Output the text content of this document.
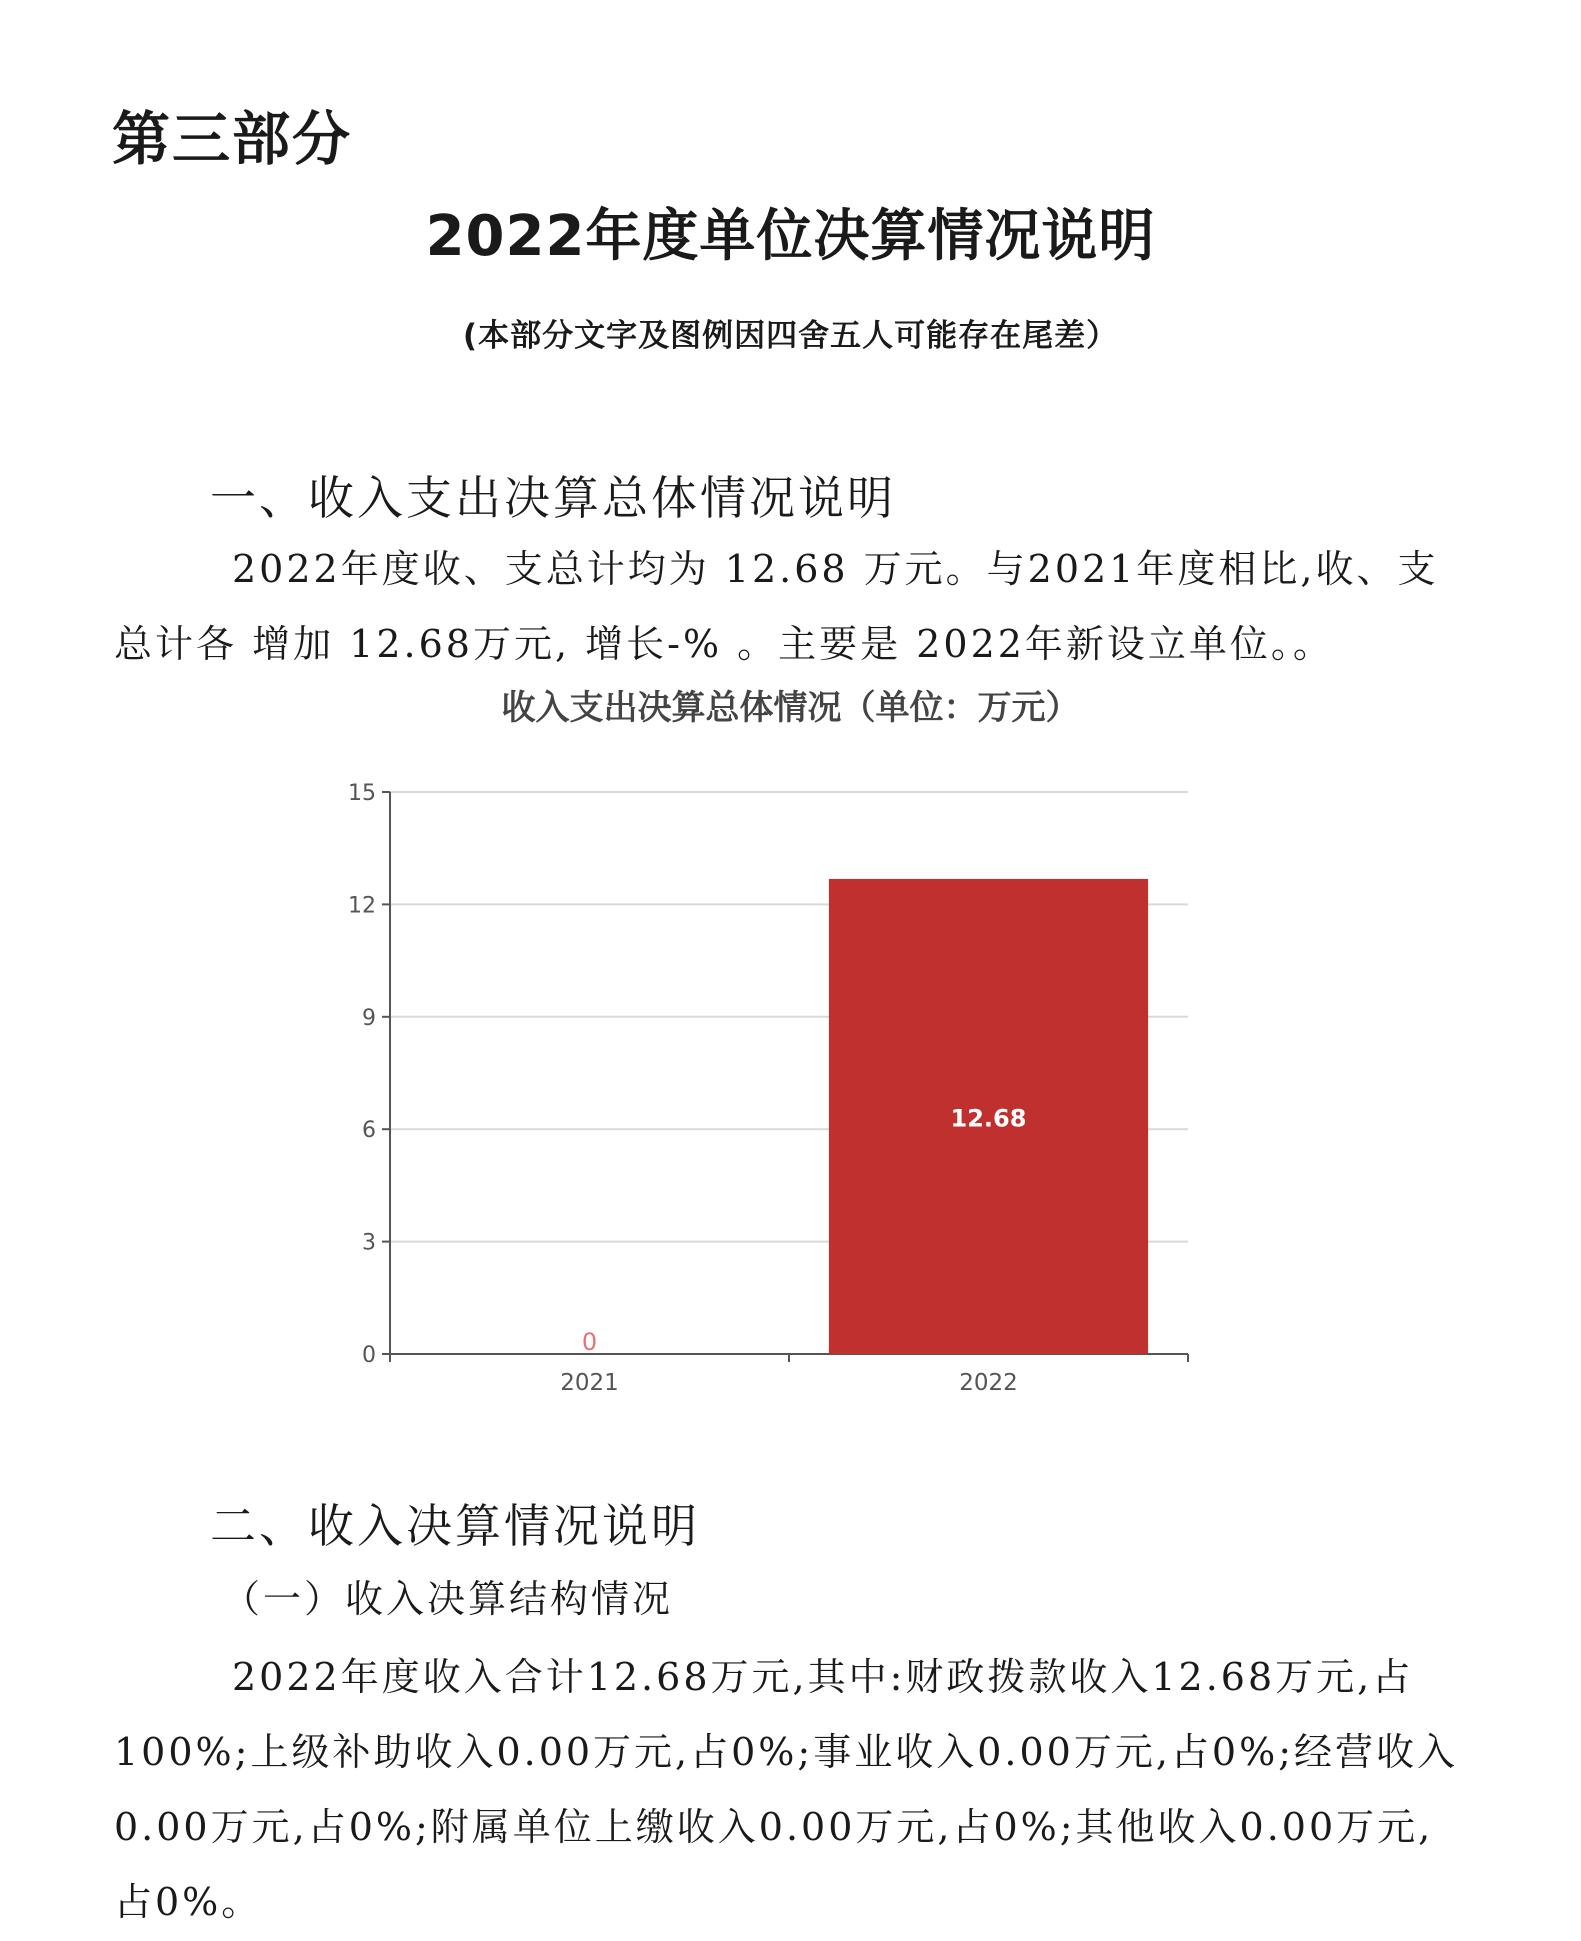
第三部分
2022年度单位决算情况说明
(本部分文字及图例因四舍五人可能存在尾差）
一、收入支出决算总体情况说明
2022年度收、支总计均为 12.68 万元。与2021年度相比,收、支总计各 增加 12.68万元, 增长-% 。主要是 2022年新设立单位。。
收入支出决算总体情况（单位：万元）
0
3
6
9
12
15
0
2021
12.68
2022
二、收入决算情况说明
（一）收入决算结构情况
2022年度收入合计12.68万元,其中:财政拨款收入12.68万元,占100%;上级补助收入0.00万元,占0%;事业收入0.00万元,占0%;经营收入0.00万元,占0%;附属单位上缴收入0.00万元,占0%;其他收入0.00万元,占0%。
